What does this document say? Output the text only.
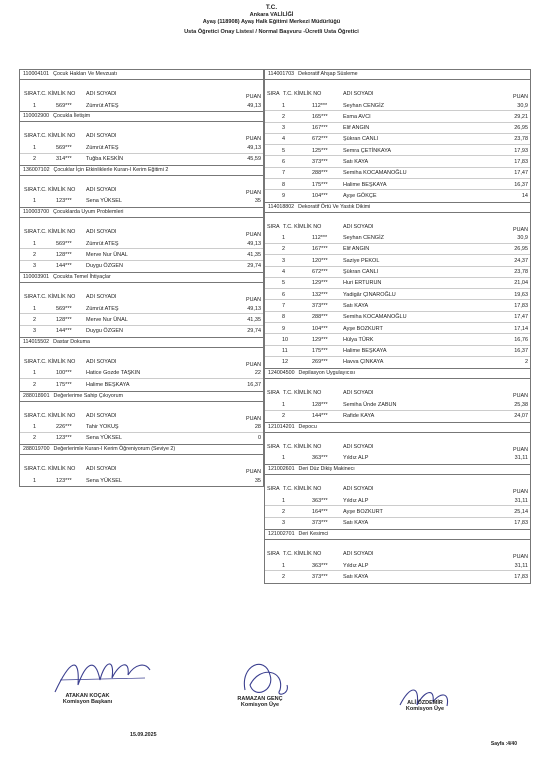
T.C.
Ankara VALİLİĞİ
Ayaş (118908) Ayaş Halk Eğitimi Merkezi Müdürlüğü
Usta Öğretici Onay Listesi / Normal Başvuru -Ücretli Usta Öğretici
110004101 Çocuk Hakları Ve Mevzuatı
SIRA T.C. KİMLİK NO ADI SOYADI	PUAN
1	569***	Zümrüt ATEŞ	49,13
110002900 Çocukla İletişim
SIRA T.C. KİMLİK NO ADI SOYADI	PUAN
1	569***	Zümrüt ATEŞ	49,13
2	314***	Tuğba KESKİN	45,59
136007102 Çocuklar İçin Etkinliklerle Kuran-I Kerim Eğitimi 2
SIRA T.C. KİMLİK NO ADI SOYADI	PUAN
1	123***	Sena YÜKSEL	35
110003700 Çocuklarda Uyum Problemleri
SIRA T.C. KİMLİK NO ADI SOYADI	PUAN
1	569***	Zümrüt ATEŞ	49,13
2	128***	Merve Nur ÜNAL	41,35
3	144***	Duygu ÖZGEN	29,74
110003901 Çocukta Temel İhtiyaçlar
SIRA T.C. KİMLİK NO ADI SOYADI	PUAN
1	569***	Zümrüt ATEŞ	49,13
2	128***	Merve Nur ÜNAL	41,35
3	144***	Duygu ÖZGEN	29,74
114015502 Dastar Dokuma
SIRA T.C. KİMLİK NO ADI SOYADI	PUAN
1	100***	Hatice Gozde TAŞKIN	22
2	175***	Halime BEŞKAYA	16,37
288018901 Değerlerime Sahip Çıkıyorum
SIRA T.C. KİMLİK NO ADI SOYADI	PUAN
1	226***	Tahir YOKUŞ	28
2	123***	Sena YÜKSEL	0
288019700 Değerlerimle Kuran-I Kerim Öğreniyorum (Seviye 2)
SIRA T.C. KİMLİK NO ADI SOYADI	PUAN
1	123***	Sena YÜKSEL	35
114001703 Dekoratif Ahşap Süsleme
SIRA T.C. KİMLİK NO	ADI SOYADI	PUAN
1	112***	Seyhan CENGİZ	30,9
2	165***	Esma AVCI	29,21
3	167***	Elif ANGIN	26,95
4	672***	Şükran CANLI	23,78
5	125***	Semra ÇETİNKAYA	17,93
6	373***	Satı KAYA	17,83
7	288***	Semiha KOCAMANOĞLU	17,47
8	175***	Halime BEŞKAYA	16,37
9	104***	Ayşe GÖKÇE	14
114018802 Dekoratif Örtü Ve Yastık Dikimi
SIRA T.C. KİMLİK NO	ADI SOYADI	PUAN
1	112***	Seyhan CENGİZ	30,9
2	167***	Elif ANGIN	26,95
3	120***	Saziye PEKOL	24,37
4	672***	Şükran CANLI	23,78
5	129***	Huri ERTURUN	21,04
6	132***	Yadigâr ÇINAROĞLU	19,63
7	373***	Satı KAYA	17,83
8	288***	Semiha KOCAMANOĞLU	17,47
9	104***	Ayşe BOZKURT	17,14
10	129***	Hülya TÜRK	16,76
11	175***	Halime BEŞKAYA	16,37
12	269***	Havva ÇINKAYA	2
124004500 Depilasyon Uygulayıcısı
SIRA T.C. KİMLİK NO	ADI SOYADI	PUAN
1	128***	Semiha Ünde ZABUN	25,38
2	144***	Rafide KAYA	24,07
121014201 Depocu
SIRA T.C. KİMLİK NO	ADI SOYADI	PUAN
1	363***	Yıldız ALP	31,11
121002601 Deri Düz Dikiş Makinecı
SIRA T.C. KİMLİK NO	ADI SOYADI	PUAN
1	363***	Yıldız ALP	31,11
2	164***	Ayşe BOZKURT	25,14
3	373***	Satı KAYA	17,83
121002701 Deri Kesimci
SIRA T.C. KİMLİK NO	ADI SOYADI	PUAN
1	363***	Yıldız ALP	31,11
2	373***	Satı KAYA	17,83
ATAKAN KOÇAK
Komisyon Başkanı	RAMAZAN GENÇ
Komisyon Üye	ALİ ÖZDEMİR
Komisyon Üye
15.09.2025
Sayfa :4/40
